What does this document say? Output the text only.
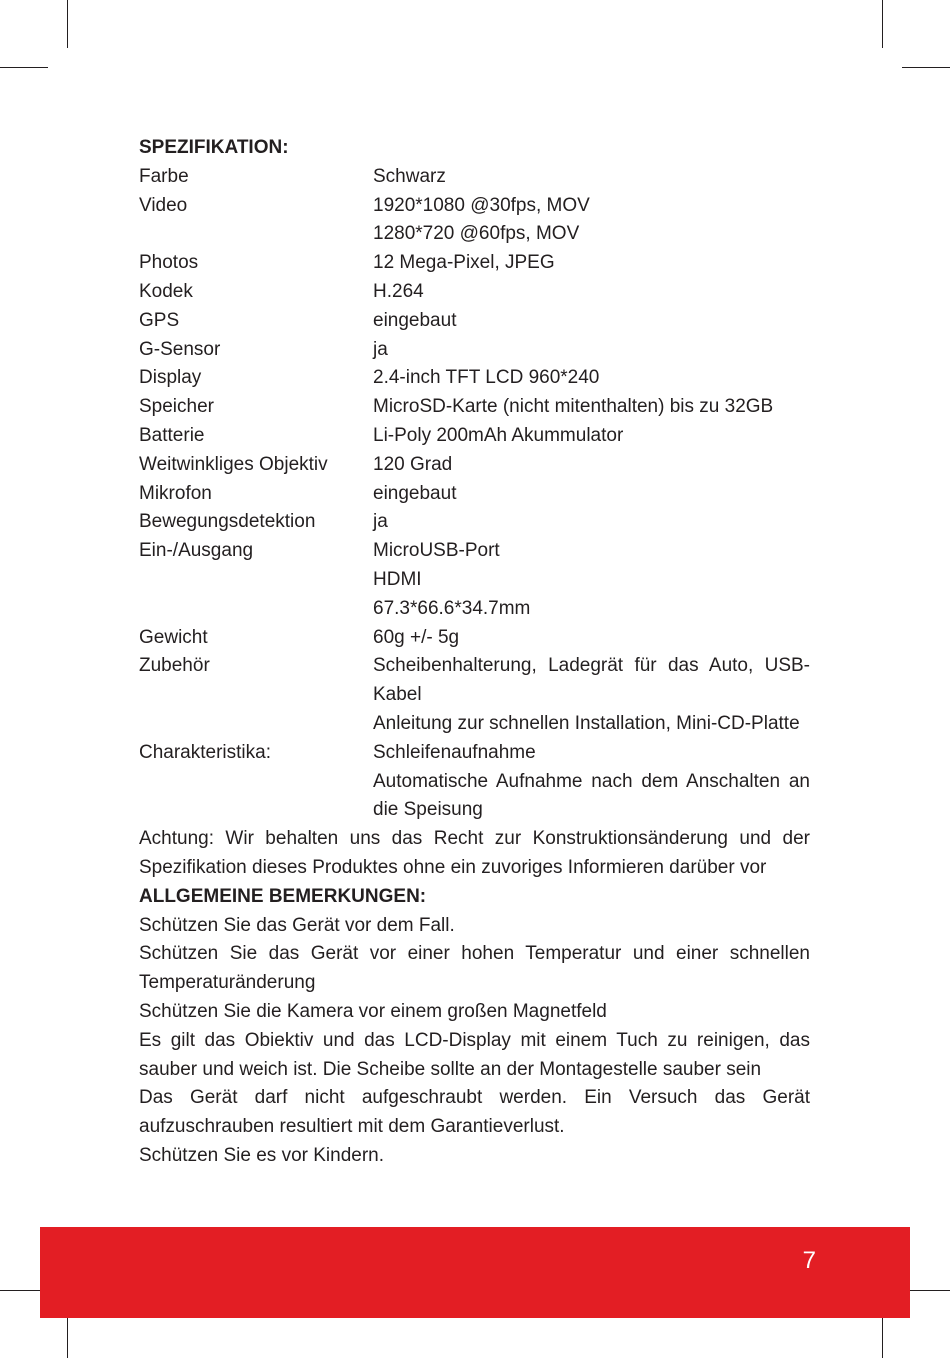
SPEZIFIKATION:
Farbe	Schwarz
Video	1920*1080 @30fps, MOV
1280*720 @60fps, MOV
Photos	12 Mega-Pixel, JPEG
Kodek	H.264
GPS	eingebaut
G-Sensor	ja
Display	2.4-inch TFT LCD 960*240
Speicher	MicroSD-Karte (nicht mitenthalten) bis zu 32GB
Batterie	Li-Poly 200mAh Akummulator
Weitwinkliges Objektiv	120 Grad
Mikrofon	eingebaut
Bewegungsdetektion	ja
Ein-/Ausgang	MicroUSB-Port
HDMI
67.3*66.6*34.7mm
Gewicht	60g +/- 5g
Zubehör	Scheibenhalterung, Ladegrät für das Auto, USB-Kabel
Anleitung zur schnellen Installation, Mini-CD-Platte
Charakteristika:	Schleifenaufnahme
Automatische Aufnahme nach dem Anschalten an die Speisung
Achtung: Wir behalten uns das Recht zur Konstruktionsänderung und der Spezifikation dieses Produktes ohne ein zuvoriges Informieren darüber vor
ALLGEMEINE BEMERKUNGEN:
Schützen Sie das Gerät vor dem Fall.
Schützen Sie das Gerät vor einer hohen Temperatur und einer schnellen Temperaturänderung
Schützen Sie die Kamera vor einem großen Magnetfeld
Es gilt das Obiektiv und das LCD-Display mit einem Tuch zu reinigen, das sauber und weich ist. Die Scheibe sollte an der Montagestelle sauber sein
Das Gerät darf nicht aufgeschraubt werden. Ein Versuch das Gerät aufzuschrauben resultiert mit dem Garantieverlust.
Schützen Sie es vor Kindern.
7
